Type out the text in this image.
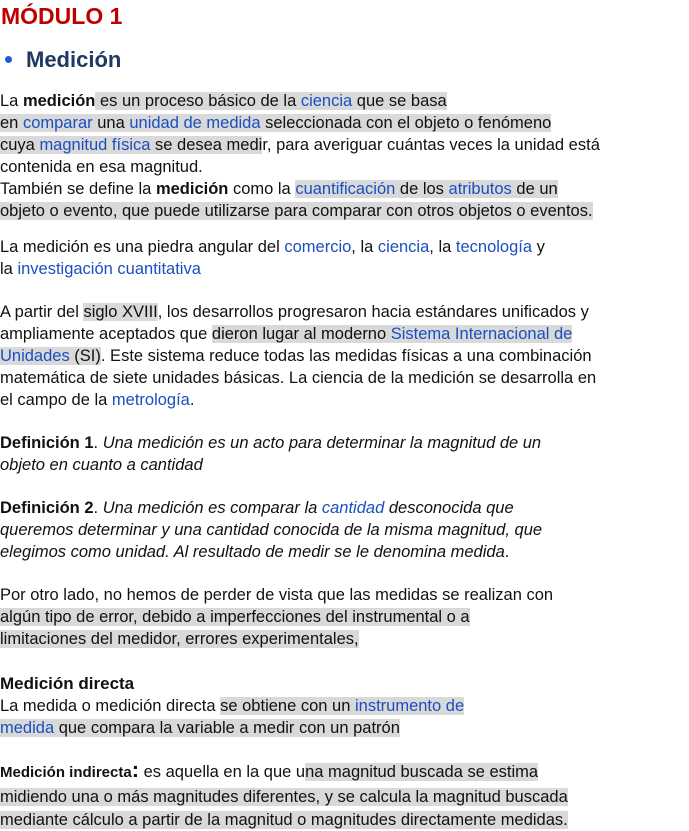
MÓDULO 1
Medición
La medición es un proceso básico de la ciencia que se basa
en comparar una unidad de medida seleccionada con el objeto o fenómeno
cuya magnitud física se desea medir, para averiguar cuántas veces la unidad está
contenida en esa magnitud.
También se define la medición como la cuantificación de los atributos de un
objeto o evento, que puede utilizarse para comparar con otros objetos o eventos.
La medición es una piedra angular del comercio, la ciencia, la tecnología y
la investigación cuantitativa
A partir del siglo XVIII, los desarrollos progresaron hacia estándares unificados y
ampliamente aceptados que dieron lugar al moderno Sistema Internacional de
Unidades (SI). Este sistema reduce todas las medidas físicas a una combinación
matemática de siete unidades básicas. La ciencia de la medición se desarrolla en
el campo de la metrología.
Definición 1. Una medición es un acto para determinar la magnitud de un
objeto en cuanto a cantidad
Definición 2. Una medición es comparar la cantidad desconocida que
queremos determinar y una cantidad conocida de la misma magnitud, que
elegimos como unidad. Al resultado de medir se le denomina medida.
Por otro lado, no hemos de perder de vista que las medidas se realizan con
algún tipo de error, debido a imperfecciones del instrumental o a
limitaciones del medidor, errores experimentales,
Medición directa
La medida o medición directa se obtiene con un instrumento de
medida que compara la variable a medir con un patrón
Medición indirecta: es aquella en la que una magnitud buscada se estima
midiendo una o más magnitudes diferentes, y se calcula la magnitud buscada
mediante cálculo a partir de la magnitud o magnitudes directamente medidas.
